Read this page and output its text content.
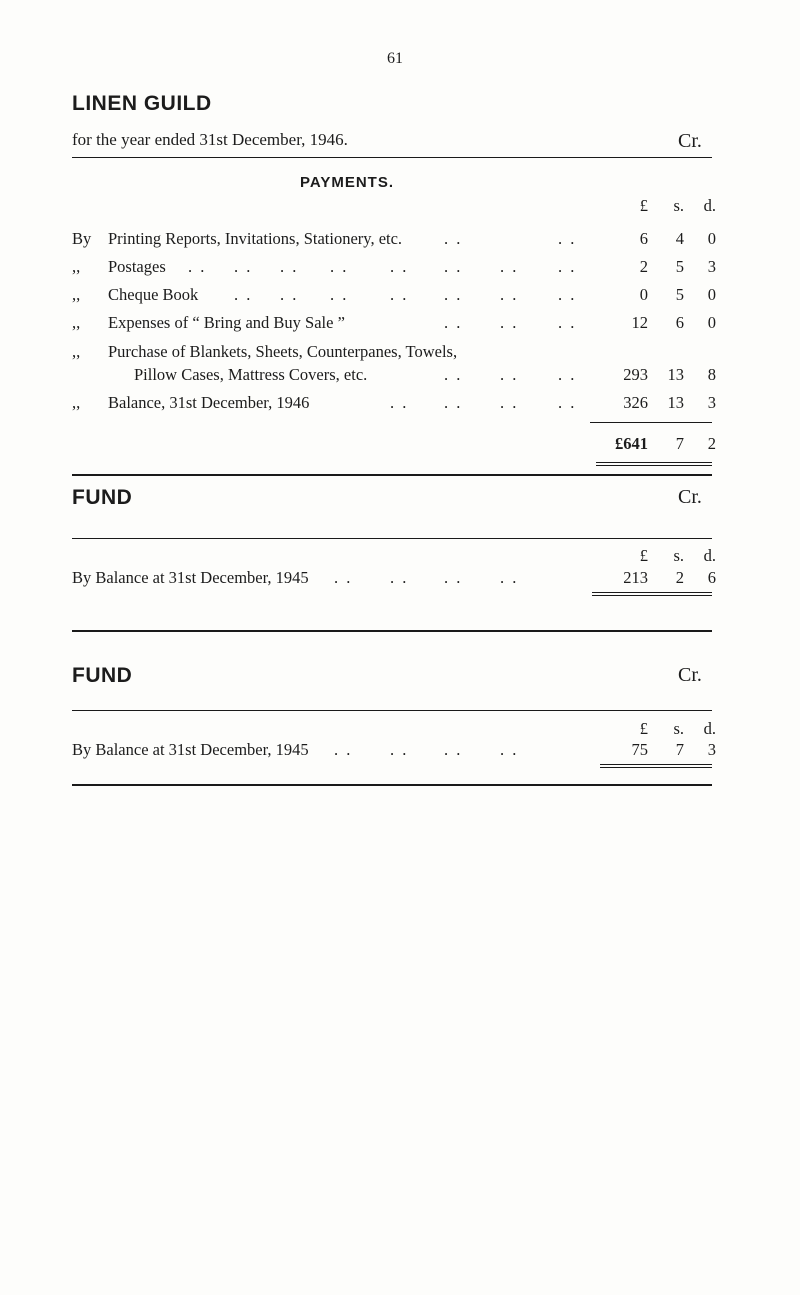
61
LINEN GUILD
for the year ended 31st December, 1946.	Cr.
PAYMENTS.
£	s.	d.
By	Printing Reports, Invitations, Stationery, etc.	. .	. .	6	4	0
,,	Postages . . . . . . . .	. . . . . . . .	2	5	3
,,	Cheque Book . . . . . .	. . . . . . . .	0	5	0
,,	Expenses of “ Bring and Buy Sale ”	. . . . . .	12	6	0
,,	Purchase of Blankets, Sheets, Counterpanes, Towels,
Pillow Cases, Mattress Covers, etc.	. . . . . .	293	13	8
,,	Balance, 31st December, 1946	. . . . . . . .	326	13	3
£641	7	2
FUND	Cr.
£	s.	d.
By Balance at 31st December, 1945 . . . . . . . .	213	2	6
FUND	Cr.
£	s.	d.
By Balance at 31st December, 1945 . . . . . . . .	75	7	3
